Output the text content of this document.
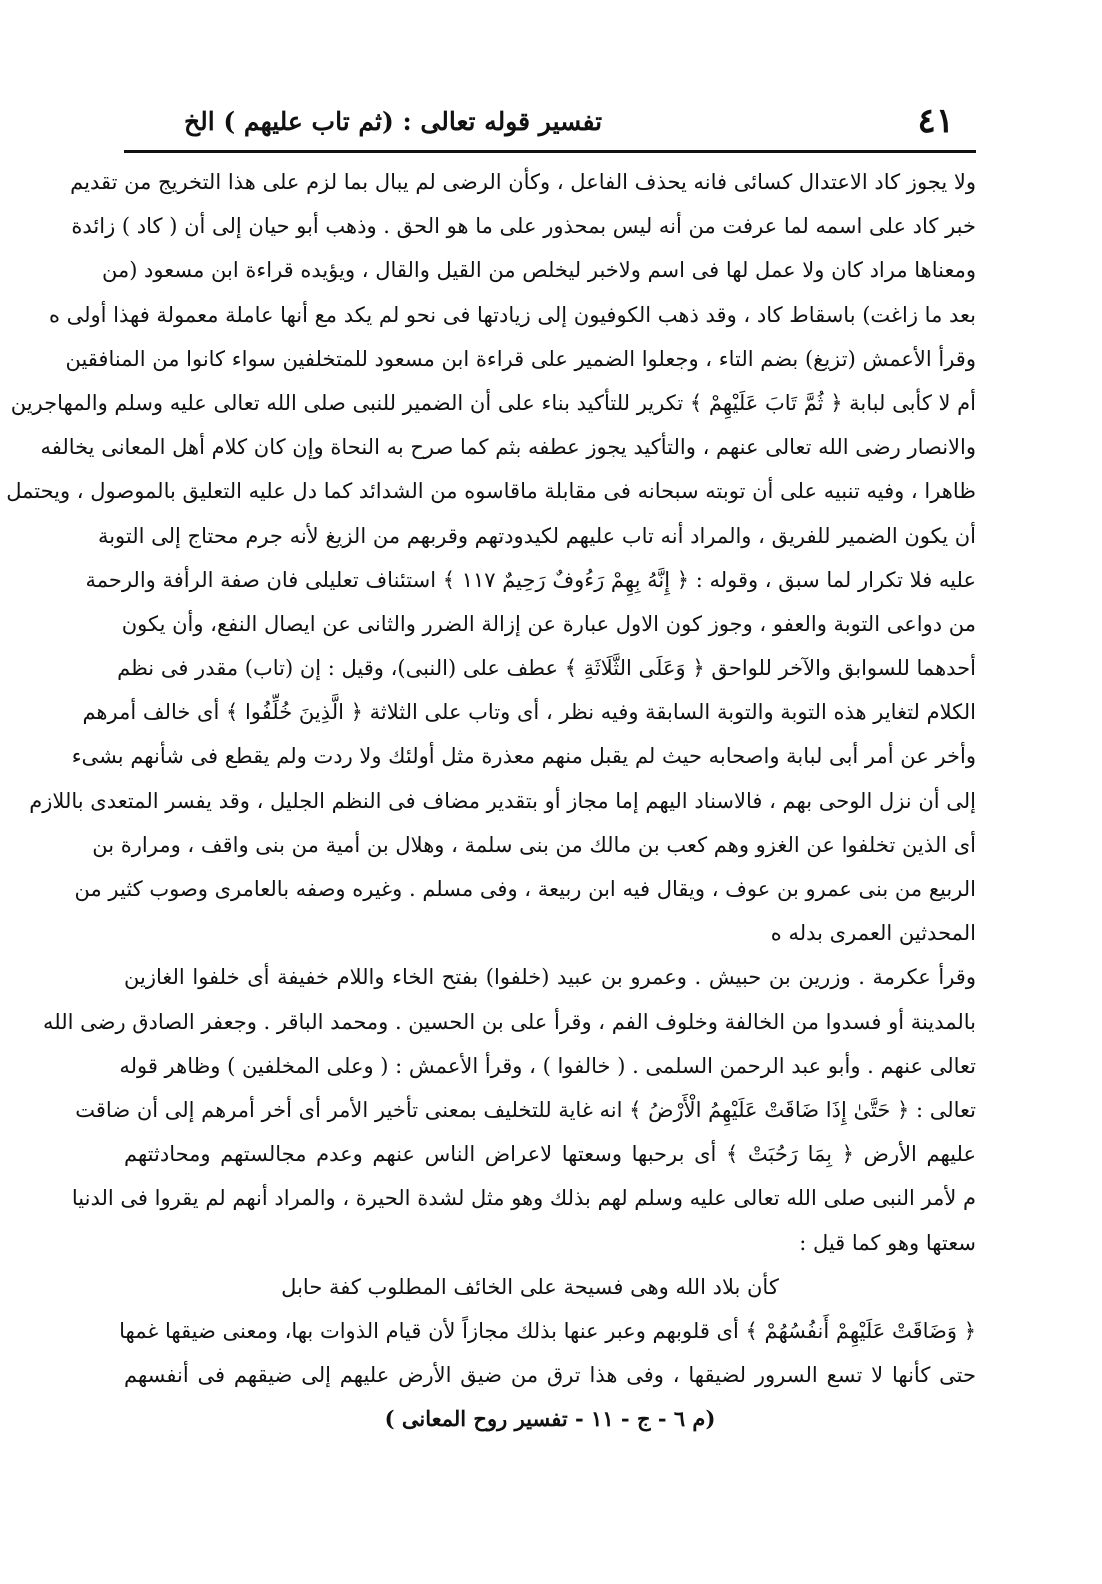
٤١
تفسير قوله تعالى : (ثم تاب عليهم ) الخ
ولا يجوز كاد الاعتدال كسائى فانه يحذف الفاعل ، وكأن الرضى لم يبال بما لزم على هذا التخريج من تقديم
خبر كاد على اسمه لما عرفت من أنه ليس بمحذور على ما هو الحق . وذهب أبو حيان إلى أن ( كاد ) زائدة
ومعناها مراد كان ولا عمل لها فى اسم ولاخبر ليخلص من القيل والقال ، ويؤيده قراءة ابن مسعود (من
بعد ما زاغت) باسقاط كاد ، وقد ذهب الكوفيون إلى زيادتها فى نحو لم يكد مع أنها عاملة معمولة فهذا أولى ه
وقرأ الأعمش (تزيغ) بضم التاء ، وجعلوا الضمير على قراءة ابن مسعود للمتخلفين سواء كانوا من المنافقين
أم لا كأبى لبابة ﴿ ثُمَّ تَابَ عَلَيْهِمْ ﴾ تكرير للتأكيد بناء على أن الضمير للنبى صلى الله تعالى عليه وسلم والمهاجرين
والانصار رضى الله تعالى عنهم ، والتأكيد يجوز عطفه بثم كما صرح به النحاة وإن كان كلام أهل المعانى يخالفه
ظاهرا ، وفيه تنبيه على أن توبته سبحانه فى مقابلة ماقاسوه من الشدائد كما دل عليه التعليق بالموصول ، ويحتمل
أن يكون الضمير للفريق ، والمراد أنه تاب عليهم لكيدودتهم وقربهم من الزيغ لأنه جرم محتاج إلى التوبة
عليه فلا تكرار لما سبق ، وقوله : ﴿ إِنَّهُ بِهِمْ رَءُوفٌ رَحِيمٌ ١١٧ ﴾ استئناف تعليلى فان صفة الرأفة والرحمة
من دواعى التوبة والعفو ، وجوز كون الاول عبارة عن إزالة الضرر والثانى عن ايصال النفع، وأن يكون
أحدهما للسوابق والآخر للواحق ﴿ وَعَلَى الثَّلَاثَةِ ﴾ عطف على (النبى)، وقيل : إن (تاب) مقدر فى نظم
الكلام لتغاير هذه التوبة والتوبة السابقة وفيه نظر ، أى وتاب على الثلاثة ﴿ الَّذِينَ خُلِّفُوا ﴾ أى خالف أمرهم
وأخر عن أمر أبى لبابة واصحابه حيث لم يقبل منهم معذرة مثل أولئك ولا ردت ولم يقطع فى شأنهم بشىء
إلى أن نزل الوحى بهم ، فالاسناد اليهم إما مجاز أو بتقدير مضاف فى النظم الجليل ، وقد يفسر المتعدى باللازم
أى الذين تخلفوا عن الغزو وهم كعب بن مالك من بنى سلمة ، وهلال بن أمية من بنى واقف ، ومرارة بن
الربيع من بنى عمرو بن عوف ، ويقال فيه ابن ربيعة ، وفى مسلم . وغيره وصفه بالعامرى وصوب كثير من
المحدثين العمرى بدله ه
وقرأ عكرمة . وزرين بن حبيش . وعمرو بن عبيد (خلفوا) بفتح الخاء واللام خفيفة أى خلفوا الغازين
بالمدينة أو فسدوا من الخالفة وخلوف الفم ، وقرأ على بن الحسين . ومحمد الباقر . وجعفر الصادق رضى الله
تعالى عنهم . وأبو عبد الرحمن السلمى . ( خالفوا ) ، وقرأ الأعمش : ( وعلى المخلفين ) وظاهر قوله
تعالى : ﴿ حَتَّىٰ إِذَا ضَاقَتْ عَلَيْهِمُ الْأَرْضُ ﴾ انه غاية للتخليف بمعنى تأخير الأمر أى أخر أمرهم إلى أن ضاقت
عليهم الأرض ﴿ بِمَا رَحُبَتْ ﴾ أى برحبها وسعتها لاعراض الناس عنهم وعدم مجالستهم ومحادثتهم
م لأمر النبى صلى الله تعالى عليه وسلم لهم بذلك وهو مثل لشدة الحيرة ، والمراد أنهم لم يقروا فى الدنيا
سعتها وهو كما قيل :
كأن بلاد الله وهى فسيحة على الخائف المطلوب كفة حابل
﴿ وَضَاقَتْ عَلَيْهِمْ أَنفُسُهُمْ ﴾ أى قلوبهم وعبر عنها بذلك مجازاً لأن قيام الذوات بها، ومعنى ضيقها غمها
حتى كأنها لا تسع السرور لضيقها ، وفى هذا ترق من ضيق الأرض عليهم إلى ضيقهم فى أنفسهم
(م ٦ - ج - ١١ - تفسير روح المعانى )
